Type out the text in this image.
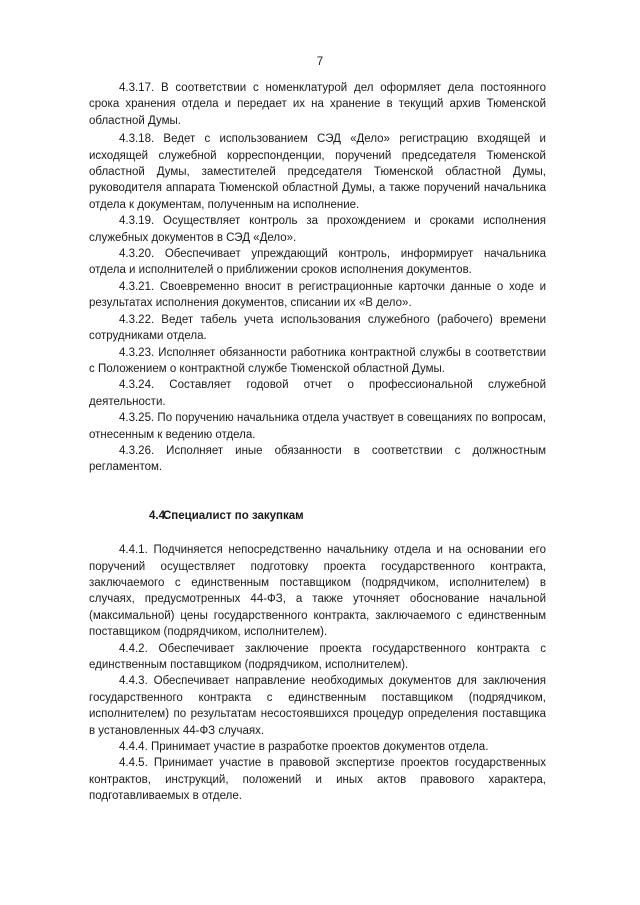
7

4.3.17. В соответствии с номенклатурой дел оформляет дела постоянного срока хранения отдела и передает их на хранение в текущий архив Тюменской областной Думы.

4.3.18. Ведет с использованием СЭД «Дело» регистрацию входящей и исходящей служебной корреспонденции, поручений председателя Тюменской областной Думы, заместителей председателя Тюменской областной Думы, руководителя аппарата Тюменской областной Думы, а также поручений начальника отдела к документам, полученным на исполнение.

4.3.19. Осуществляет контроль за прохождением и сроками исполнения служебных документов в СЭД «Дело».

4.3.20. Обеспечивает упреждающий контроль, информирует начальника отдела и исполнителей о приближении сроков исполнения документов.

4.3.21. Своевременно вносит в регистрационные карточки данные о ходе и результатах исполнения документов, списании их «В дело».

4.3.22. Ведет табель учета использования служебного (рабочего) времени сотрудниками отдела.

4.3.23. Исполняет обязанности работника контрактной службы в соответствии с Положением о контрактной службе Тюменской областной Думы.

4.3.24. Составляет годовой отчет о профессиональной служебной деятельности.

4.3.25. По поручению начальника отдела участвует в совещаниях по вопросам, отнесенным к ведению отдела.

4.3.26. Исполняет иные обязанности в соответствии с должностным регламентом.

4.4.Специалист по закупкам

4.4.1. Подчиняется непосредственно начальнику отдела и на основании его поручений осуществляет подготовку проекта государственного контракта, заключаемого с единственным поставщиком (подрядчиком, исполнителем) в случаях, предусмотренных 44-ФЗ, а также уточняет обоснование начальной (максимальной) цены государственного контракта, заключаемого с единственным поставщиком (подрядчиком, исполнителем).

4.4.2. Обеспечивает заключение проекта государственного контракта с единственным поставщиком (подрядчиком, исполнителем).

4.4.3. Обеспечивает направление необходимых документов для заключения государственного контракта с единственным поставщиком (подрядчиком, исполнителем) по результатам несостоявшихся процедур определения поставщика в установленных 44-ФЗ случаях.

4.4.4. Принимает участие в разработке проектов документов отдела.

4.4.5. Принимает участие в правовой экспертизе проектов государственных контрактов, инструкций, положений и иных актов правового характера, подготавливаемых в отделе.
